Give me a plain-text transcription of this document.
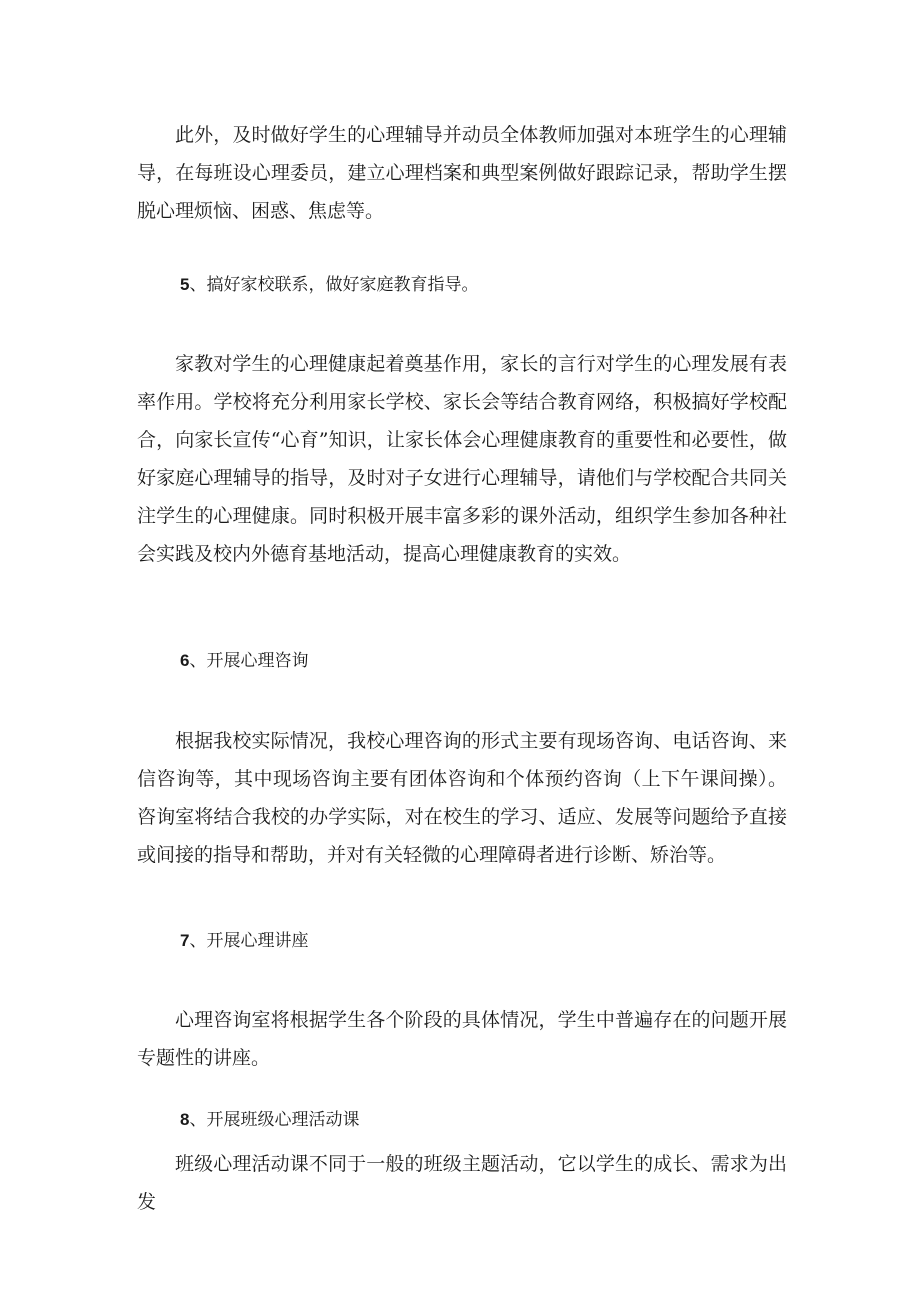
此外，及时做好学生的心理辅导并动员全体教师加强对本班学生的心理辅导，在每班设心理委员，建立心理档案和典型案例做好跟踪记录，帮助学生摆脱心理烦恼、困惑、焦虑等。

5、搞好家校联系，做好家庭教育指导。

家教对学生的心理健康起着奠基作用，家长的言行对学生的心理发展有表率作用。学校将充分利用家长学校、家长会等结合教育网络，积极搞好学校配合，向家长宣传“心育”知识，让家长体会心理健康教育的重要性和必要性，做好家庭心理辅导的指导，及时对子女进行心理辅导，请他们与学校配合共同关注学生的心理健康。同时积极开展丰富多彩的课外活动，组织学生参加各种社会实践及校内外德育基地活动，提高心理健康教育的实效。

6、开展心理咨询

根据我校实际情况，我校心理咨询的形式主要有现场咨询、电话咨询、来信咨询等，其中现场咨询主要有团体咨询和个体预约咨询（上下午课间操）。咨询室将结合我校的办学实际，对在校生的学习、适应、发展等问题给予直接或间接的指导和帮助，并对有关轻微的心理障碍者进行诊断、矫治等。

7、开展心理讲座

心理咨询室将根据学生各个阶段的具体情况，学生中普遍存在的问题开展专题性的讲座。

8、开展班级心理活动课

班级心理活动课不同于一般的班级主题活动，它以学生的成长、需求为出发
